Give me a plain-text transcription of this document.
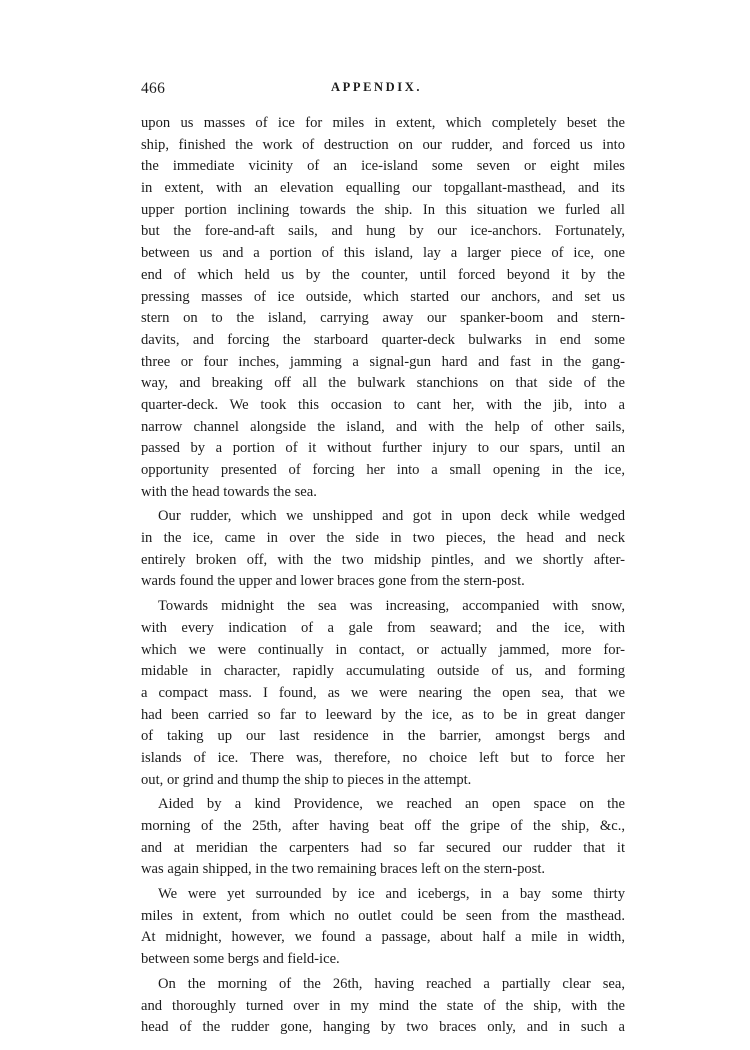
466	APPENDIX.
upon us masses of ice for miles in extent, which completely beset the
ship, finished the work of destruction on our rudder, and forced us into
the immediate vicinity of an ice-island some seven or eight miles
in extent, with an elevation equalling our topgallant-masthead, and its
upper portion inclining towards the ship. In this situation we furled all
but the fore-and-aft sails, and hung by our ice-anchors. Fortunately,
between us and a portion of this island, lay a larger piece of ice, one
end of which held us by the counter, until forced beyond it by the
pressing masses of ice outside, which started our anchors, and set us
stern on to the island, carrying away our spanker-boom and stern-
davits, and forcing the starboard quarter-deck bulwarks in end some
three or four inches, jamming a signal-gun hard and fast in the gang-
way, and breaking off all the bulwark stanchions on that side of the
quarter-deck. We took this occasion to cant her, with the jib, into a
narrow channel alongside the island, and with the help of other sails,
passed by a portion of it without further injury to our spars, until an
opportunity presented of forcing her into a small opening in the ice,
with the head towards the sea.
Our rudder, which we unshipped and got in upon deck while wedged
in the ice, came in over the side in two pieces, the head and neck
entirely broken off, with the two midship pintles, and we shortly after-
wards found the upper and lower braces gone from the stern-post.
Towards midnight the sea was increasing, accompanied with snow,
with every indication of a gale from seaward; and the ice, with
which we were continually in contact, or actually jammed, more for-
midable in character, rapidly accumulating outside of us, and forming
a compact mass. I found, as we were nearing the open sea, that we
had been carried so far to leeward by the ice, as to be in great danger
of taking up our last residence in the barrier, amongst bergs and
islands of ice. There was, therefore, no choice left but to force her
out, or grind and thump the ship to pieces in the attempt.
Aided by a kind Providence, we reached an open space on the
morning of the 25th, after having beat off the gripe of the ship, &c.,
and at meridian the carpenters had so far secured our rudder that it
was again shipped, in the two remaining braces left on the stern-post.
We were yet surrounded by ice and icebergs, in a bay some thirty
miles in extent, from which no outlet could be seen from the masthead.
At midnight, however, we found a passage, about half a mile in width,
between some bergs and field-ice.
On the morning of the 26th, having reached a partially clear sea,
and thoroughly turned over in my mind the state of the ship, with the
head of the rudder gone, hanging by two braces only, and in such a
